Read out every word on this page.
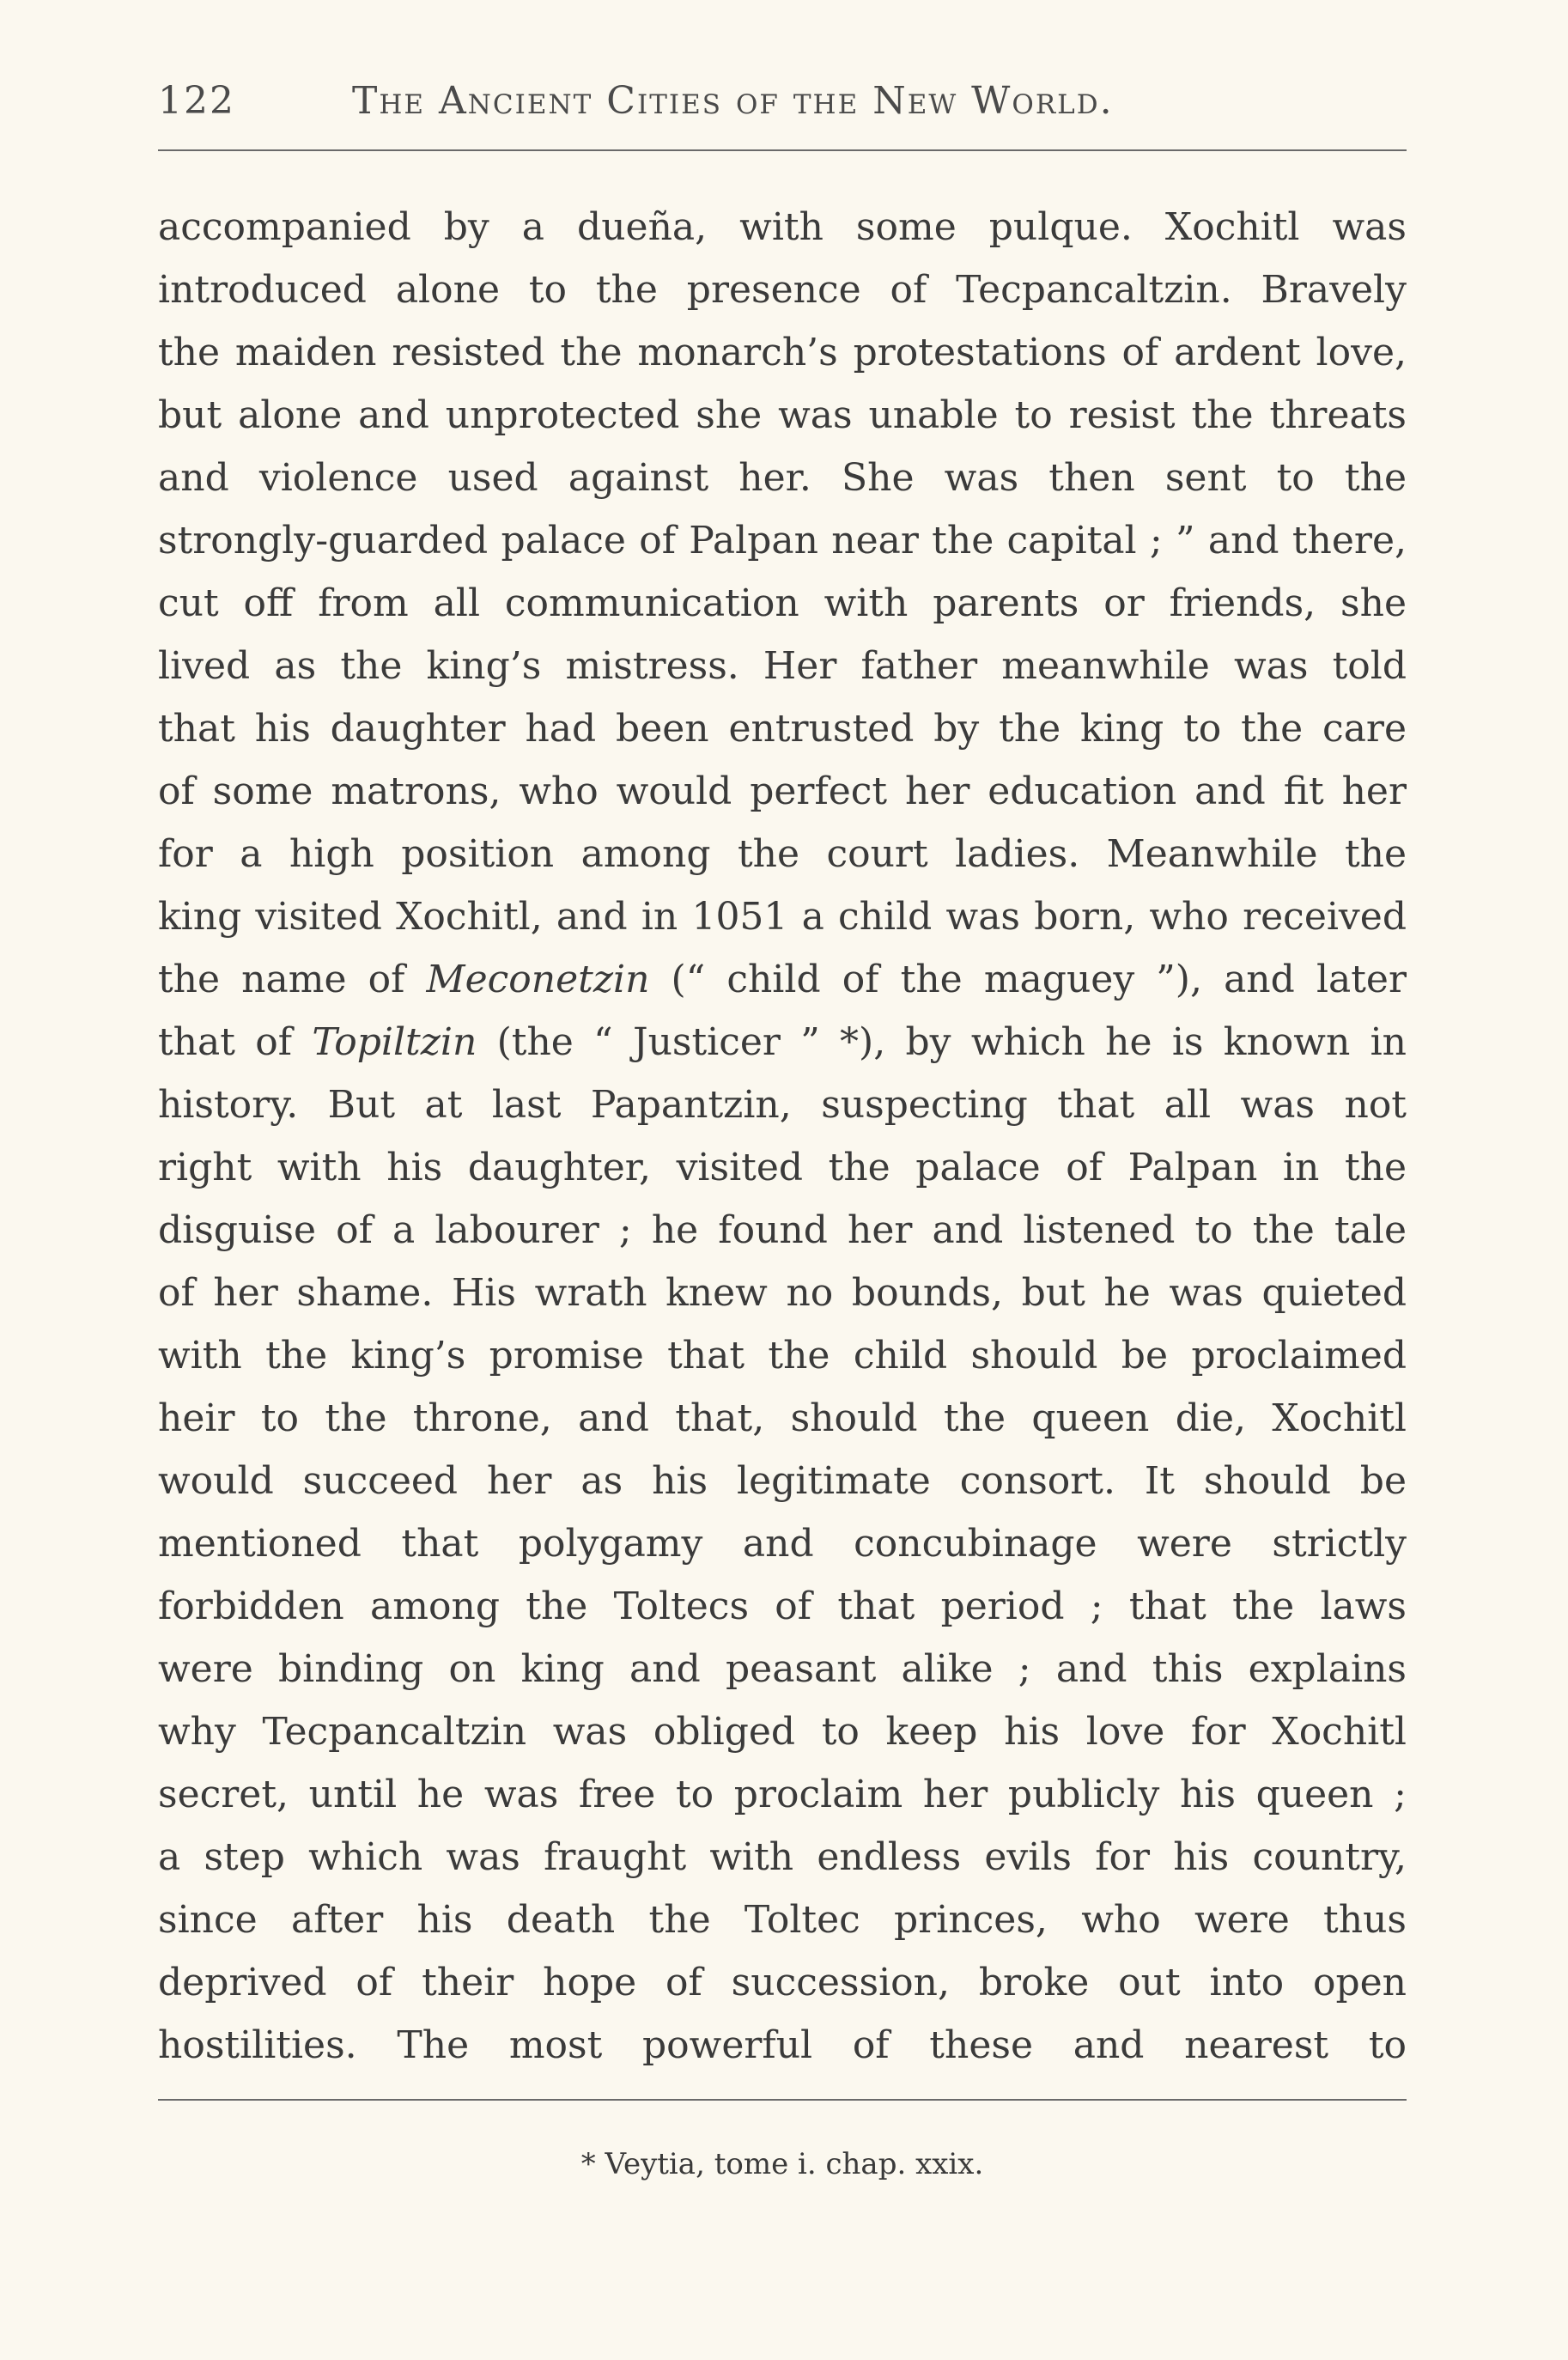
122	The Ancient Cities of the New World.
accompanied by a dueña, with some pulque. Xochitl was
introduced alone to the presence of Tecpancaltzin. Bravely
the maiden resisted the monarch’s protestations of ardent love,
but alone and unprotected she was unable to resist the threats
and violence used against her. She was then sent to the
strongly-guarded palace of Palpan near the capital ; ” and there,
cut off from all communication with parents or friends, she
lived as the king’s mistress. Her father meanwhile was told
that his daughter had been entrusted by the king to the care
of some matrons, who would perfect her education and fit her
for a high position among the court ladies. Meanwhile the
king visited Xochitl, and in 1051 a child was born, who received
the name of Meconetzin (“ child of the maguey ”), and later
that of Topiltzin (the “ Justicer ” *), by which he is known in
history. But at last Papantzin, suspecting that all was not
right with his daughter, visited the palace of Palpan in the
disguise of a labourer ; he found her and listened to the tale
of her shame. His wrath knew no bounds, but he was quieted
with the king’s promise that the child should be proclaimed
heir to the throne, and that, should the queen die, Xochitl
would succeed her as his legitimate consort. It should be
mentioned that polygamy and concubinage were strictly
forbidden among the Toltecs of that period ; that the laws
were binding on king and peasant alike ; and this explains
why Tecpancaltzin was obliged to keep his love for Xochitl
secret, until he was free to proclaim her publicly his queen ;
a step which was fraught with endless evils for his country,
since after his death the Toltec princes, who were thus
deprived of their hope of succession, broke out into open
hostilities. The most powerful of these and nearest to
* Veytia, tome i. chap. xxix.
